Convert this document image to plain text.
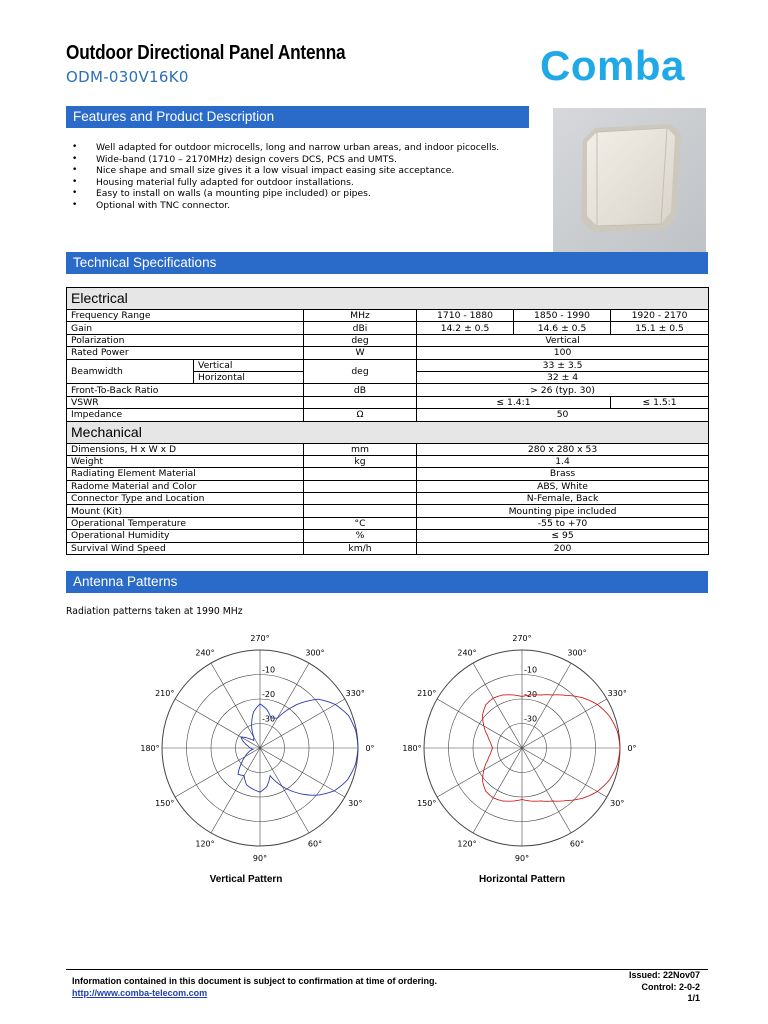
Outdoor Directional Panel Antenna
ODM-030V16K0	Comba
Features and Product Description
• Well adapted for outdoor microcells, long and narrow urban areas, and indoor picocells.
• Wide-band (1710 – 2170MHz) design covers DCS, PCS and UMTS.
• Nice shape and small size gives it a low visual impact easing site acceptance.
• Housing material fully adapted for outdoor installations.
• Easy to install on walls (a mounting pipe included) or pipes.
• Optional with TNC connector.
Technical Specifications
Electrical					
Frequency Range		MHz	1710 - 1880	1850 - 1990	1920 - 2170
Gain		dBi	14.2 ± 0.5	14.6 ± 0.5	15.1 ± 0.5
Polarization		deg	Vertical		
Rated Power		W	100		
Beamwidth	Vertical	deg	33 ± 3.5		
	Horizontal		32 ± 4		
Front-To-Back Ratio		dB	> 26 (typ. 30)		
VSWR			≤ 1.4:1		≤ 1.5:1
Impedance		Ω	50		
Mechanical					
Dimensions, H x W x D		mm	280 x 280 x 53		
Weight		kg	1.4		
Radiating Element Material			Brass		
Radome Material and Color			ABS, White		
Connector Type and Location			N-Female, Back		
Mount (Kit)			Mounting pipe included		
Operational Temperature		°C	-55 to +70		
Operational Humidity		%	≤ 95		
Survival Wind Speed		km/h	200		
Antenna Patterns
Radiation patterns taken at 1990 MHz
0°
30°
60°
90°
120°
150°
180°
210°
240°
270°
300°
330°
-10
-20
-30
0°
30°
60°
90°
120°
150°
180°
210°
240°
270°
300°
330°
-10
-20
-30
Vertical Pattern	Horizontal Pattern
Information contained in this document is subject to confirmation at time of ordering.
http://www.comba-telecom.com
Issued: 22Nov07
Control: 2-0-2
1/1
